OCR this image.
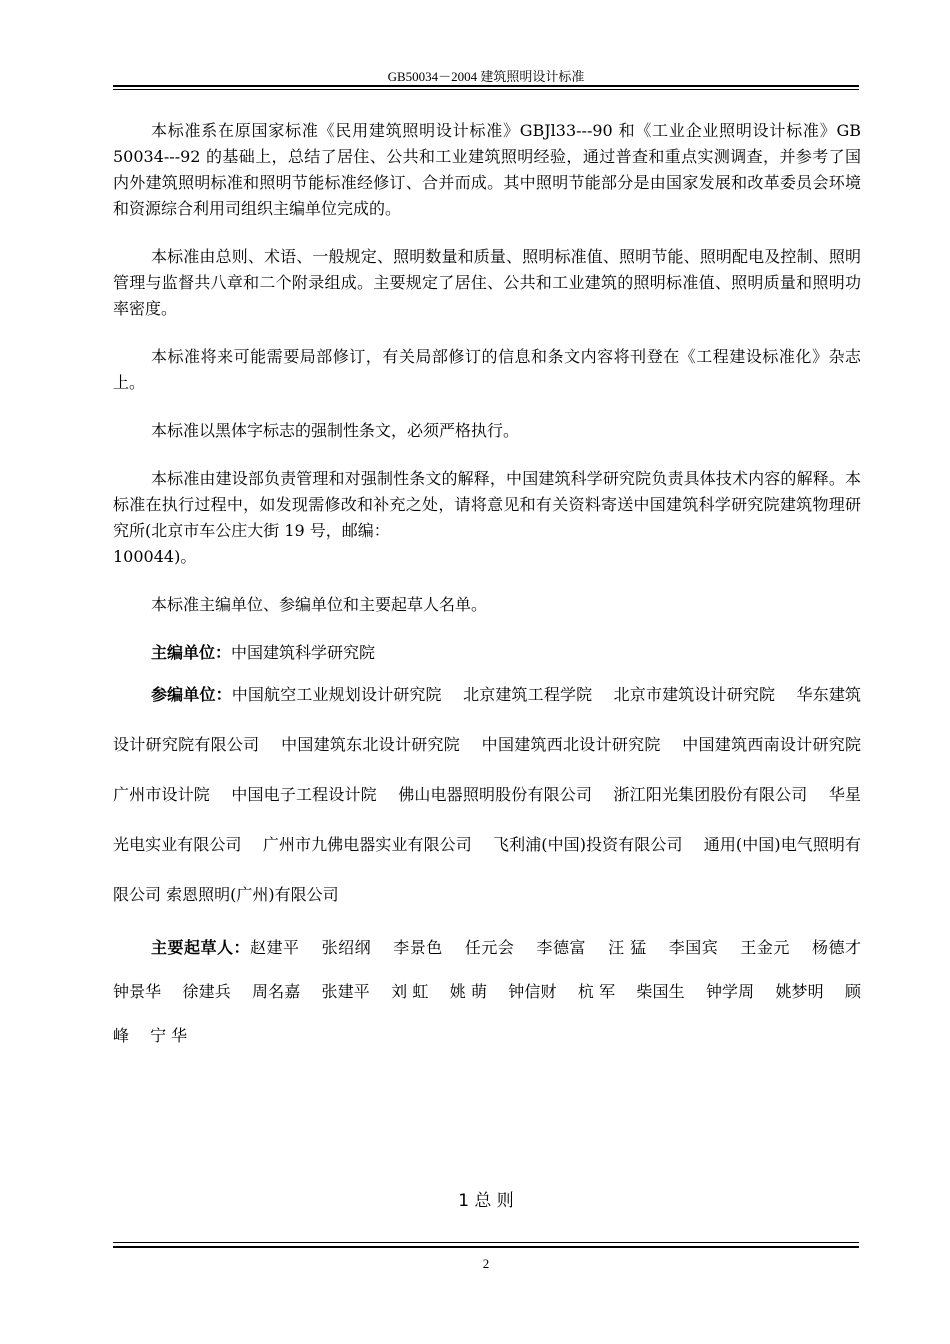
GB50034－2004 建筑照明设计标准

本标准系在原国家标准《民用建筑照明设计标准》GBJl33---90 和《工业企业照明设计标准》GB 50034---92 的基础上，总结了居住、公共和工业建筑照明经验，通过普查和重点实测调查，并参考了国内外建筑照明标准和照明节能标准经修订、合并而成。其中照明节能部分是由国家发展和改革委员会环境和资源综合利用司组织主编单位完成的。

本标准由总则、术语、一般规定、照明数量和质量、照明标准值、照明节能、照明配电及控制、照明管理与监督共八章和二个附录组成。主要规定了居住、公共和工业建筑的照明标准值、照明质量和照明功率密度。

本标准将来可能需要局部修订，有关局部修订的信息和条文内容将刊登在《工程建设标准化》杂志上。

本标准以黑体字标志的强制性条文，必须严格执行。

本标准由建设部负责管理和对强制性条文的解释，中国建筑科学研究院负责具体技术内容的解释。本标准在执行过程中，如发现需修改和补充之处，请将意见和有关资料寄送中国建筑科学研究院建筑物理研究所(北京市车公庄大街 19 号，邮编：

100044)。

本标准主编单位、参编单位和主要起草人名单。

主编单位：中国建筑科学研究院

参编单位：中国航空工业规划设计研究院　 北京建筑工程学院　 北京市建筑设计研究院　 华东建筑设计研究院有限公司　 中国建筑东北设计研究院　 中国建筑西北设计研究院　 中国建筑西南设计研究院　 广州市设计院　 中国电子工程设计院　 佛山电器照明股份有限公司　 浙江阳光集团股份有限公司　 华星光电实业有限公司　 广州市九佛电器实业有限公司　 飞利浦(中国)投资有限公司　 通用(中国)电气照明有限公司 索恩照明(广州)有限公司

主要起草人：赵建平　 张绍纲　 李景色　 任元会　 李德富　 汪 猛　 李国宾　 王金元　 杨德才　 钟景华　 徐建兵　 周名嘉　 张建平　 刘 虹　 姚 萌　 钟信财　 杭 军　 柴国生　 钟学周　 姚梦明　 顾 峰　 宁 华

1 总 则
2
